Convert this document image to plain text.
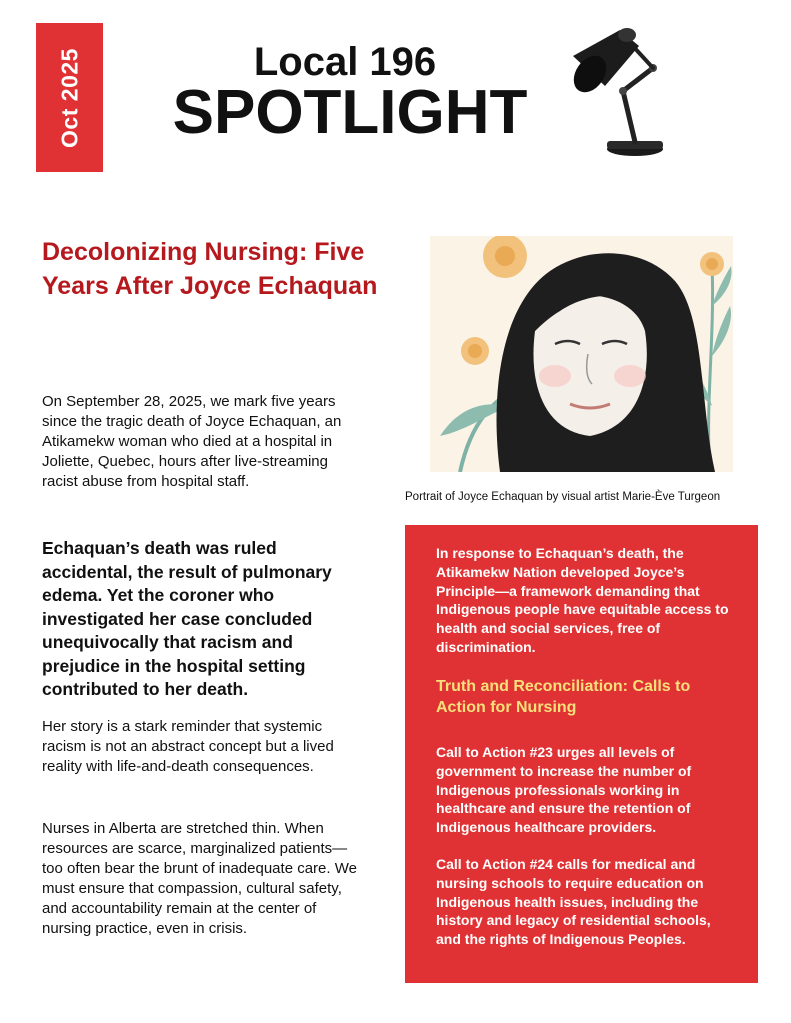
Oct 2025	Local 196
SPOTLIGHT
Decolonizing Nursing: Five Years After Joyce Echaquan
On September 28, 2025, we mark five years since the tragic death of Joyce Echaquan, an Atikamekw woman who died at a hospital in Joliette, Quebec, hours after live-streaming racist abuse from hospital staff.
Echaquan’s death was ruled accidental, the result of pulmonary edema. Yet the coroner who investigated her case concluded unequivocally that racism and prejudice in the hospital setting contributed to her death.
Her story is a stark reminder that systemic racism is not an abstract concept but a lived reality with life-and-death consequences.
Nurses in Alberta are stretched thin. When resources are scarce, marginalized patients—too often bear the brunt of inadequate care. We must ensure that compassion, cultural safety, and accountability remain at the center of nursing practice, even in crisis.
Portrait of Joyce Echaquan by visual artist Marie-Ève Turgeon
In response to Echaquan’s death, the Atikamekw Nation developed Joyce’s Principle—a framework demanding that Indigenous people have equitable access to health and social services, free of discrimination.
Truth and Reconciliation: Calls to Action for Nursing
Call to Action #23 urges all levels of government to increase the number of Indigenous professionals working in healthcare and ensure the retention of Indigenous healthcare providers.
Call to Action #24 calls for medical and nursing schools to require education on Indigenous health issues, including the history and legacy of residential schools, and the rights of Indigenous Peoples.
